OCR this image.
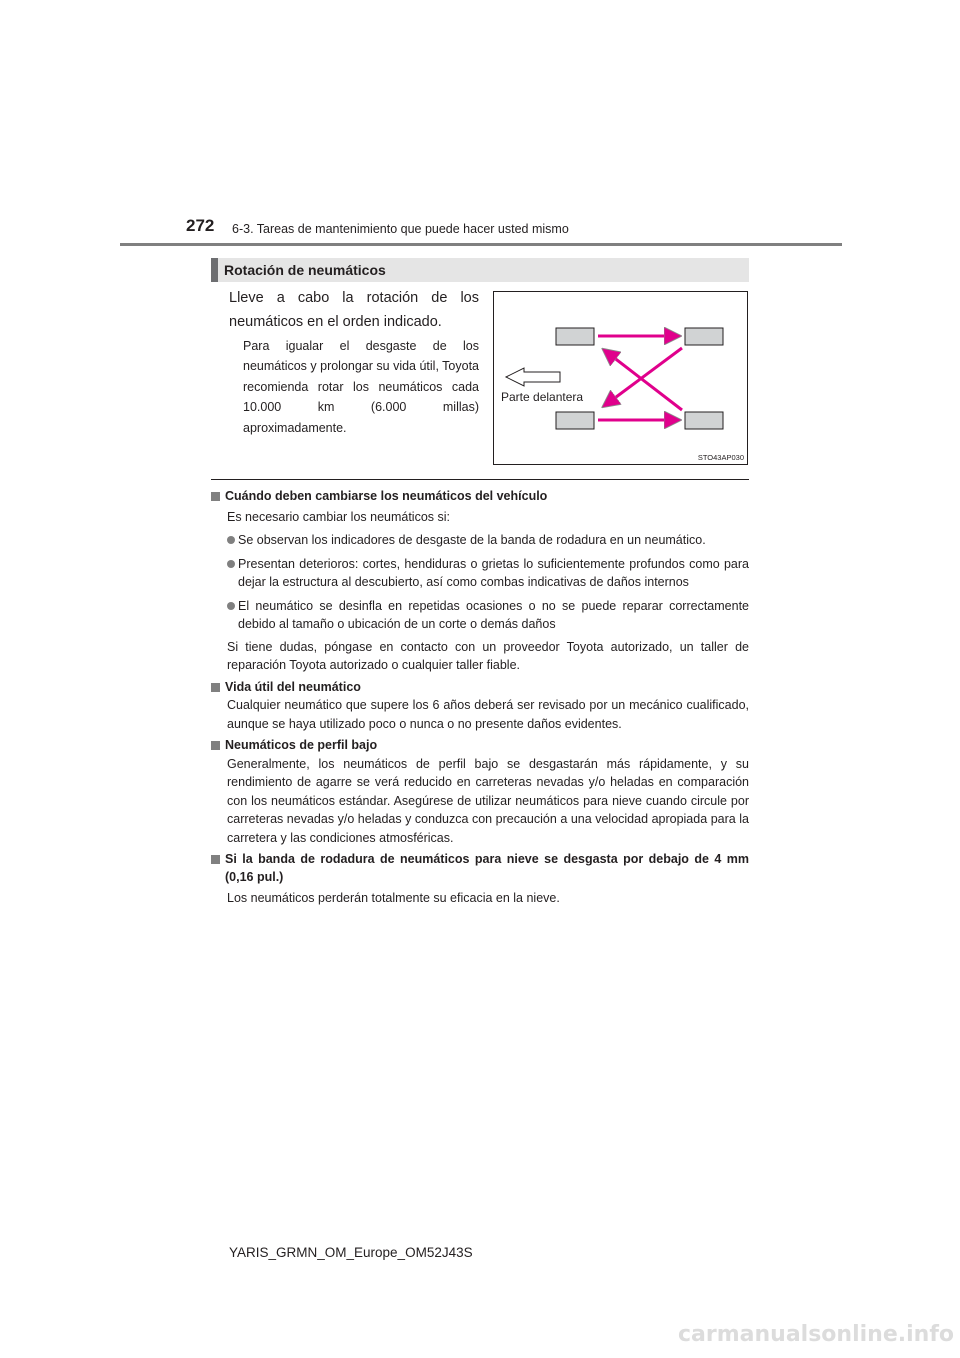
272 6-3. Tareas de mantenimiento que puede hacer usted mismo
Rotación de neumáticos
Lleve a cabo la rotación de los neumáticos en el orden indicado.
Para igualar el desgaste de los neumáticos y prolongar su vida útil, Toyota recomienda rotar los neumáticos cada 10.000 km (6.000 millas) aproximadamente.
Parte delantera
STO43AP030
Cuándo deben cambiarse los neumáticos del vehículo
Es necesario cambiar los neumáticos si:
Se observan los indicadores de desgaste de la banda de rodadura en un neumático.
Presentan deterioros: cortes, hendiduras o grietas lo suficientemente profundos como para dejar la estructura al descubierto, así como combas indicativas de daños internos
El neumático se desinfla en repetidas ocasiones o no se puede reparar correctamente debido al tamaño o ubicación de un corte o demás daños
Si tiene dudas, póngase en contacto con un proveedor Toyota autorizado, un taller de reparación Toyota autorizado o cualquier taller fiable.
Vida útil del neumático
Cualquier neumático que supere los 6 años deberá ser revisado por un mecánico cualificado, aunque se haya utilizado poco o nunca o no presente daños evidentes.
Neumáticos de perfil bajo
Generalmente, los neumáticos de perfil bajo se desgastarán más rápidamente, y su rendimiento de agarre se verá reducido en carreteras nevadas y/o heladas en comparación con los neumáticos estándar. Asegúrese de utilizar neumáticos para nieve cuando circule por carreteras nevadas y/o heladas y conduzca con precaución a una velocidad apropiada para la carretera y las condiciones atmosféricas.
Si la banda de rodadura de neumáticos para nieve se desgasta por debajo de 4 mm (0,16 pul.)
Los neumáticos perderán totalmente su eficacia en la nieve.
YARIS_GRMN_OM_Europe_OM52J43S
carmanualsonline.info
